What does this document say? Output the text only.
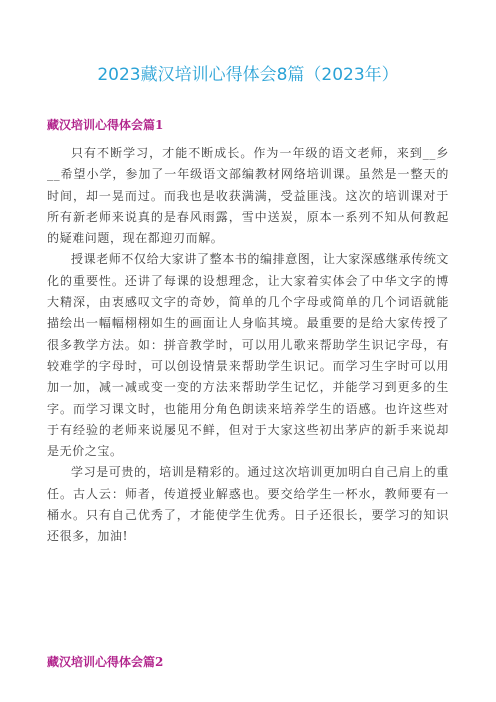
2023藏汉培训心得体会8篇（2023年）
藏汉培训心得体会篇1

只有不断学习，才能不断成长。作为一年级的语文老师，来到__乡__希望小学，参加了一年级语文部编教材网络培训课。虽然是一整天的时间，却一晃而过。而我也是收获满满，受益匪浅。这次的培训课对于所有新老师来说真的是春风雨露，雪中送炭，原本一系列不知从何教起的疑难问题，现在都迎刃而解。

授课老师不仅给大家讲了整本书的编排意图，让大家深感继承传统文化的重要性。还讲了每课的设想理念，让大家着实体会了中华文字的博大精深，由衷感叹文字的奇妙，简单的几个字母或简单的几个词语就能描绘出一幅幅栩栩如生的画面让人身临其境。最重要的是给大家传授了很多教学方法。如：拼音教学时，可以用儿歌来帮助学生识记字母，有较难学的字母时，可以创设情景来帮助学生识记。而学习生字时可以用加一加，减一减或变一变的方法来帮助学生记忆，并能学习到更多的生字。而学习课文时，也能用分角色朗读来培养学生的语感。也许这些对于有经验的老师来说屡见不鲜，但对于大家这些初出茅庐的新手来说却是无价之宝。

学习是可贵的，培训是精彩的。通过这次培训更加明白自己肩上的重任。古人云：师者，传道授业解惑也。要交给学生一杯水，教师要有一桶水。只有自己优秀了，才能使学生优秀。日子还很长，要学习的知识还很多，加油!

藏汉培训心得体会篇2
